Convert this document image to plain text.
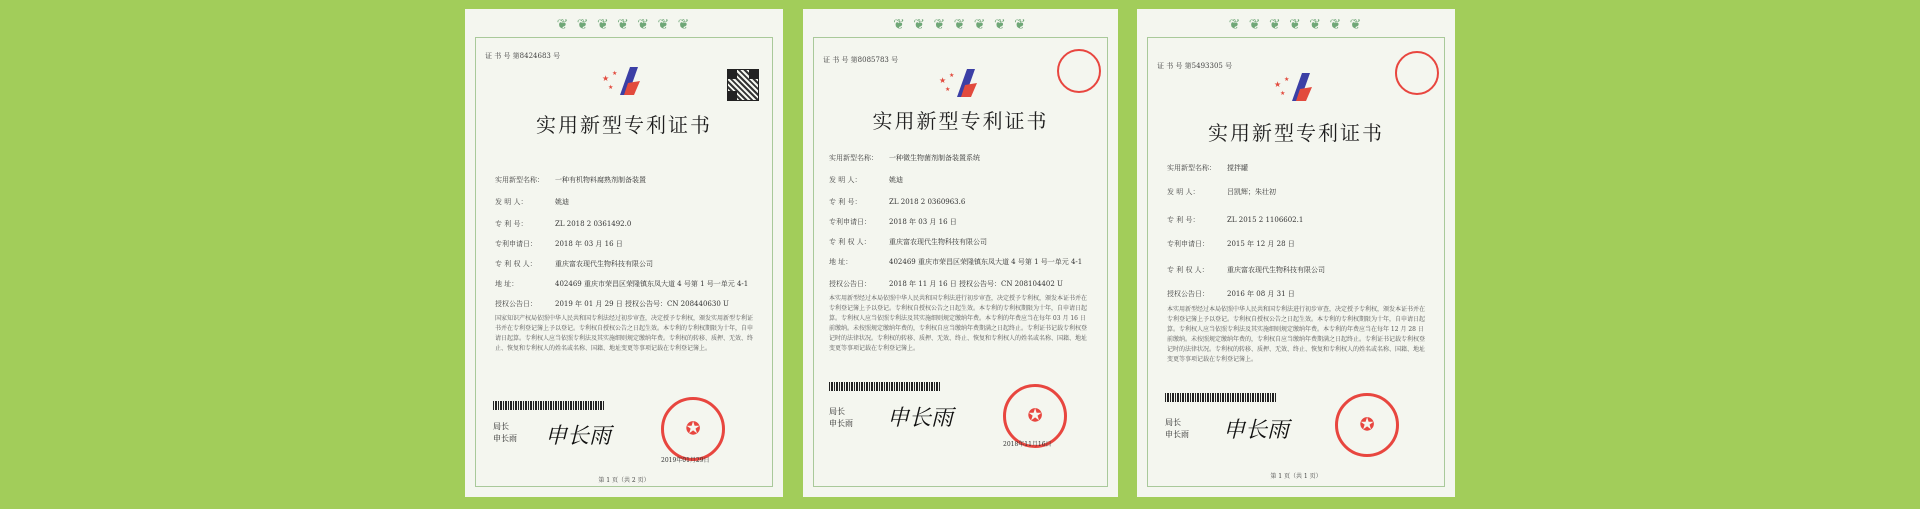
❦ ❦ ❦ ❦ ❦ ❦ ❦
证 书 号 第8424683 号
★
★
★
实用新型专利证书
实用新型名称： 一种有机物料腐熟剂制备装置
发 明 人：	姚迪
专 利 号：	ZL 2018 2 0361492.0
专利申请日：	2018 年 03 月 16 日
专 利 权 人：	重庆富农现代生物科技有限公司
地 址：	402469 重庆市荣昌区荣隆镇东凤大道 4 号第 1 号一单元 4-1
授权公告日：	2019 年 01 月 29 日 授权公告号：CN 208440630 U
国家知识产权局依照中华人民共和国专利法经过初步审查，决定授予专利权，颁发实用新型专利证书并在专利登记簿上予以登记。专利权自授权公告之日起生效。本专利的专利权期限为十年，自申请日起算。专利权人应当依照专利法及其实施细则规定缴纳年费。专利权的转移、质押、无效、终止、恢复和专利权人的姓名或名称、国籍、地址变更等事项记载在专利登记簿上。
局长
申长雨 申长雨	✪
2019年01月29日
第 1 页（共 2 页）
❦ ❦ ❦ ❦ ❦ ❦ ❦
证 书 号 第8085783 号
★
★
★
实用新型专利证书
实用新型名称： 一种微生物菌剂制备装置系统
发 明 人：	姚迪
专 利 号：	ZL 2018 2 0360963.6
专利申请日：	2018 年 03 月 16 日
专 利 权 人：	重庆富农现代生物科技有限公司
地 址：	402469 重庆市荣昌区荣隆镇东凤大道 4 号第 1 号一单元 4-1
授权公告日：	2018 年 11 月 16 日 授权公告号：CN 208104402 U
本实用新型经过本局依照中华人民共和国专利法进行初步审查，决定授予专利权，颁发本证书并在专利登记簿上予以登记。专利权自授权公告之日起生效。本专利的专利权期限为十年，自申请日起算。专利权人应当依照专利法及其实施细则规定缴纳年费。本专利的年费应当在每年 03 月 16 日前缴纳。未按照规定缴纳年费的，专利权自应当缴纳年费期满之日起终止。专利证书记载专利权登记时的法律状况。专利权的转移、质押、无效、终止、恢复和专利权人的姓名或名称、国籍、地址变更等事项记载在专利登记簿上。
局长
申长雨 申长雨	✪
2018年11月16日
❦ ❦ ❦ ❦ ❦ ❦ ❦
证 书 号 第5493305 号
★
★
★
实用新型专利证书
实用新型名称： 搅拌罐
发 明 人：	吕凯辉；朱壮初
专 利 号：	ZL 2015 2 1106602.1
专利申请日：	2015 年 12 月 28 日
专 利 权 人：	重庆富农现代生物科技有限公司
授权公告日：	2016 年 08 月 31 日
本实用新型经过本局依照中华人民共和国专利法进行初步审查，决定授予专利权，颁发本证书并在专利登记簿上予以登记。专利权自授权公告之日起生效。本专利的专利权期限为十年，自申请日起算。专利权人应当依照专利法及其实施细则规定缴纳年费。本专利的年费应当在每年 12 月 28 日前缴纳。未按照规定缴纳年费的，专利权自应当缴纳年费期满之日起终止。专利证书记载专利权登记时的法律状况。专利权的转移、质押、无效、终止、恢复和专利权人的姓名或名称、国籍、地址变更等事项记载在专利登记簿上。
局长
申长雨 申长雨	✪
第 1 页（共 1 页）
